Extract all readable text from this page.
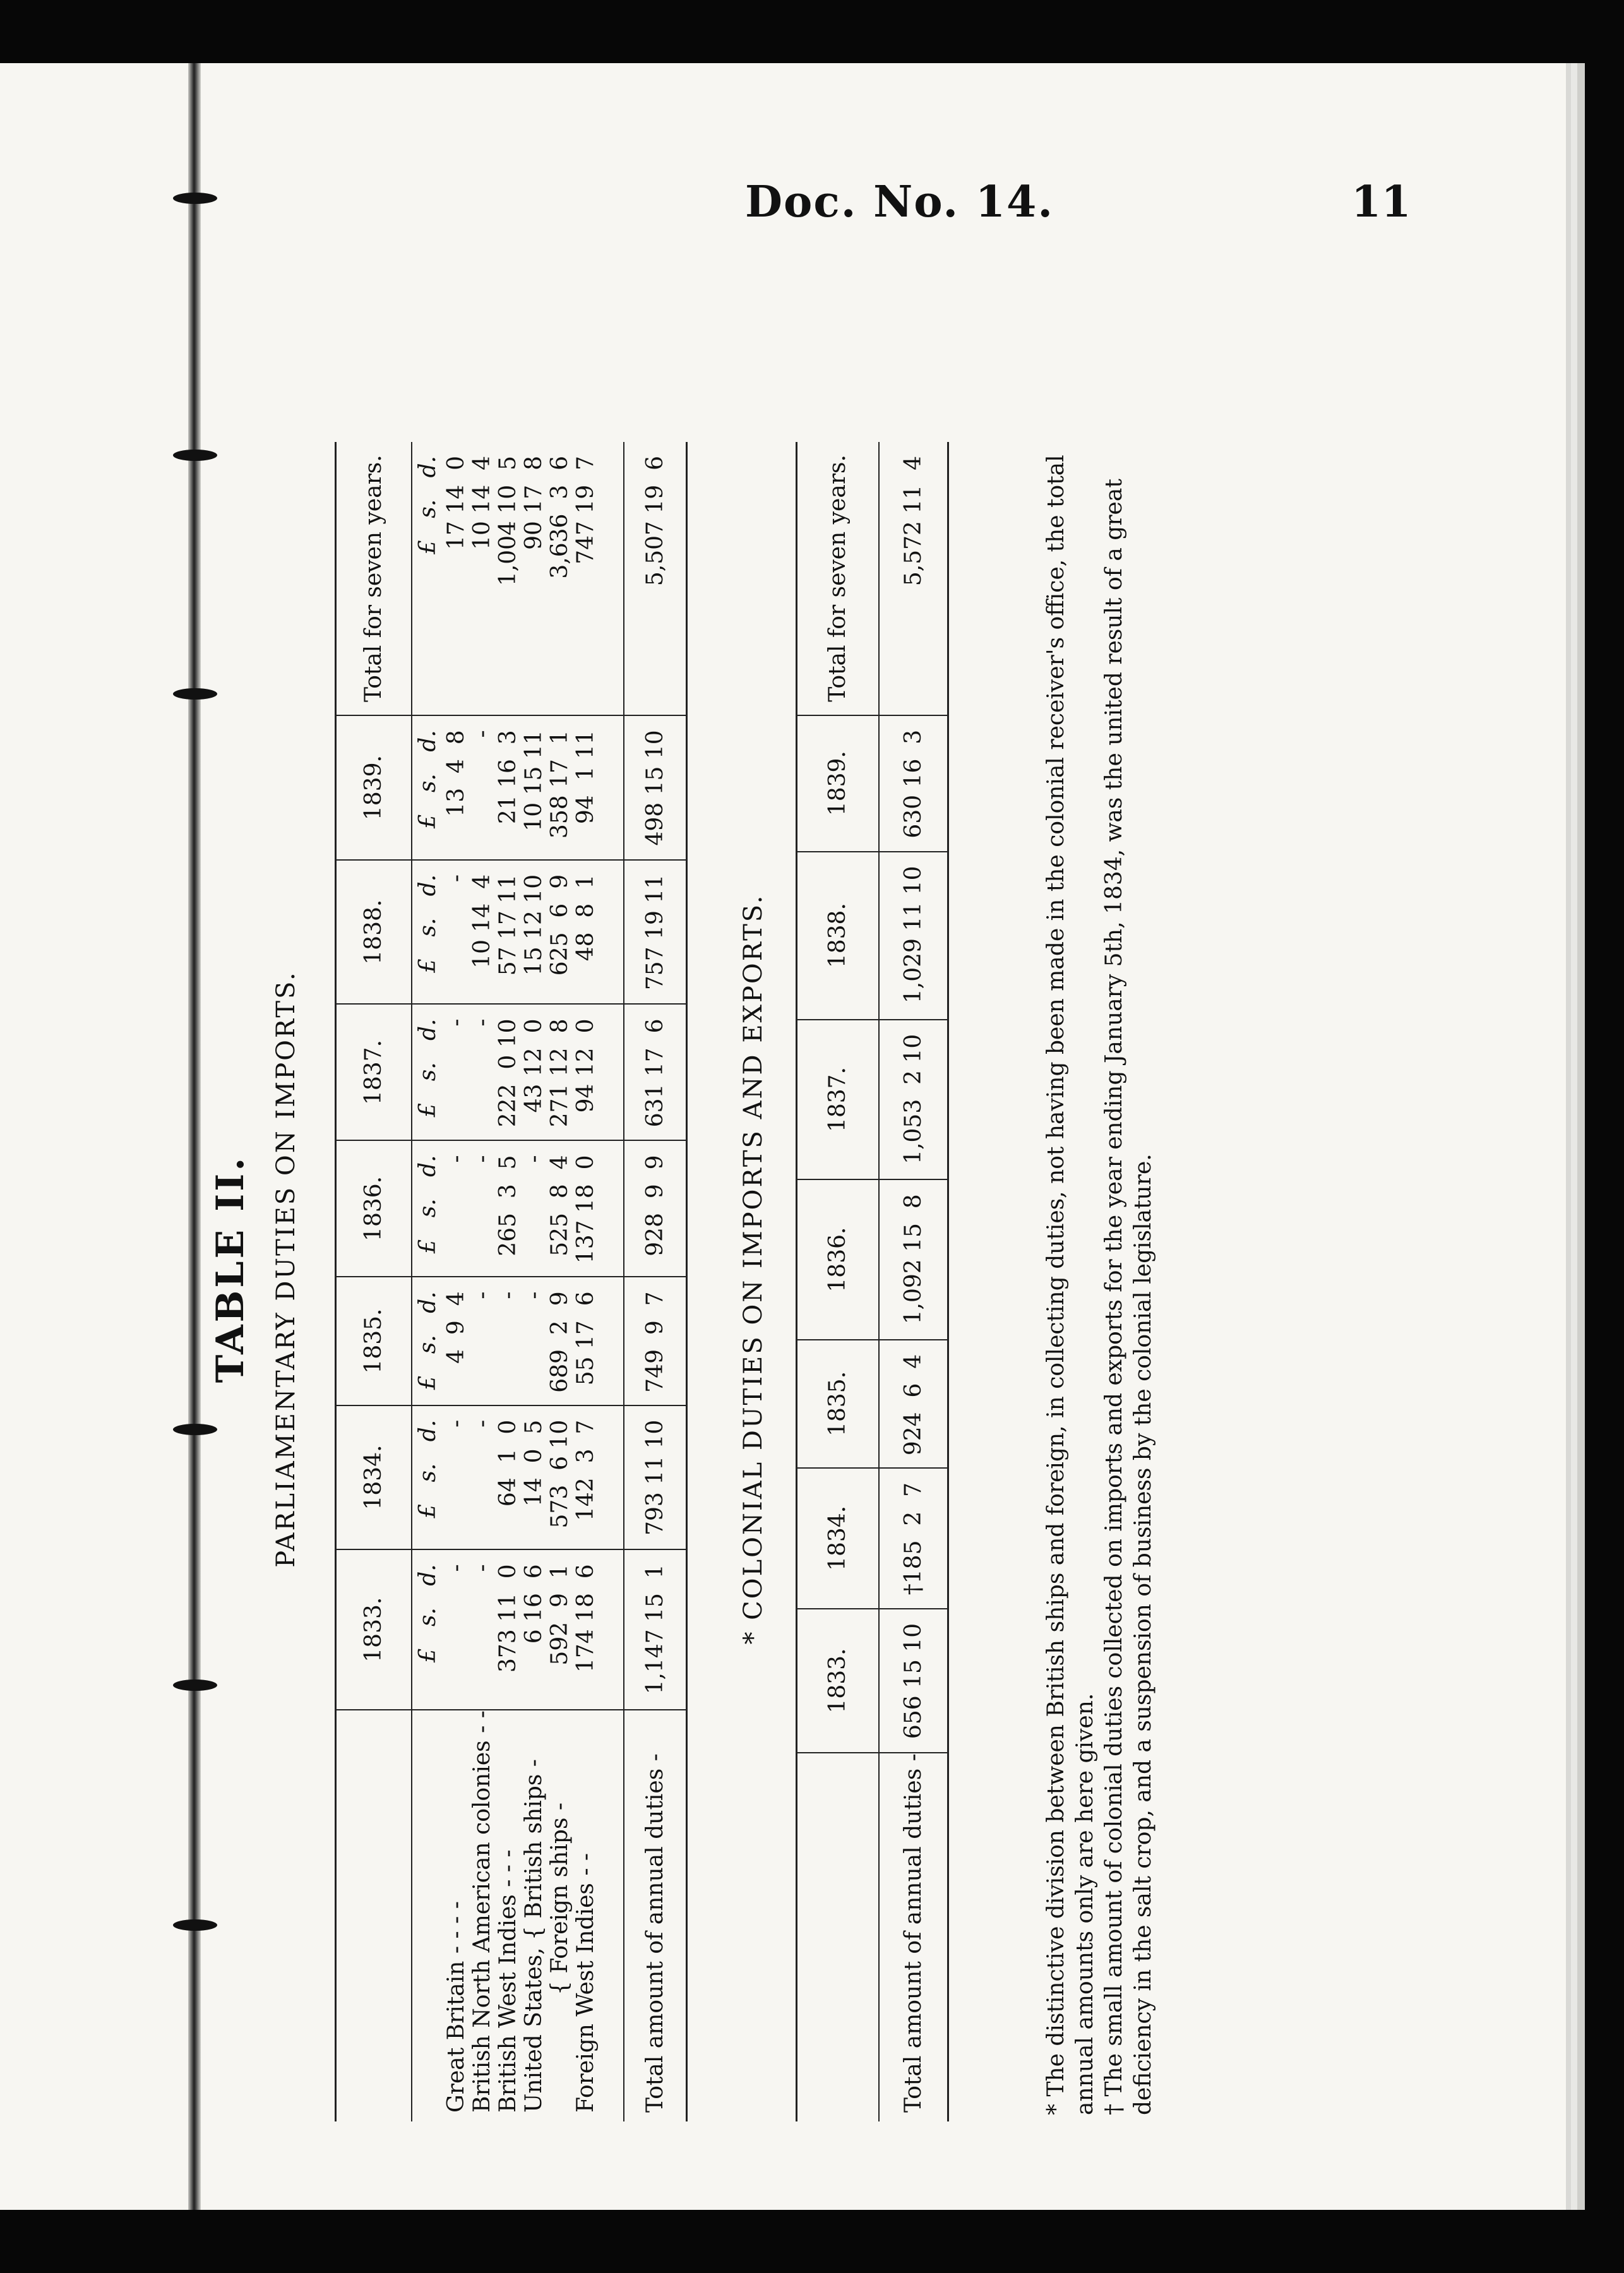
Doc. No. 14.	11
TABLE II. PARLIAMENTARY DUTIES ON IMPORTS.
	1833.	1834.	1835.	1836.	1837.	1838.	1839.	Total for seven years.
	£   s.   d.	£   s.   d.	£   s.   d.	£   s.   d.	£   s.   d.	£   s.   d.	£   s.   d.	£   s.   d.
Great Britain - - - -	-	-	4  9  4	-	-	-	13  4  8	17 14  0
British North American colonies - -	-	-	-	-	-	10 14  4	-	10 14  4
British West Indies - - -	373 11  0	64  1  0	-	265  3  5	222  0 10	57 17 11	21 16  3	1,004 10  5
United States, { British ships -	6 16  6	14  0  5	-	-	43 12  0	15 12 10	10 15 11	90 17  8
{ Foreign ships -	592  9  1	573  6 10	689  2  9	525  8  4	271 12  8	625  6  9	358 17  1	3,636  3  6
Foreign West Indies - -	174 18  6	142  3  7	55 17  6	137 18  0	94 12  0	48  8  1	94  1 11	747 19  7

Total amount of annual duties -	1,147 15  1	793 11 10	749  9  7	928  9  9	631 17  6	757 19 11	498 15 10	5,507 19  6
* COLONIAL DUTIES ON IMPORTS AND EXPORTS.
	1833.	1834.	1835.	1836.	1837.	1838.	1839.	Total for seven years.
Total amount of annual duties -	656 15 10	†185  2  7	924  6  4	1,092 15  8	1,053  2 10	1,029 11 10	630 16  3	5,572 11  4	* The distinctive division between British ships and foreign, in collecting duties, not having been made in the colonial receiver's office, the total annual amounts only are here given. † The small amount of colonial duties collected on imports and exports for the year ending January 5th, 1834, was the united result of a great deficiency in the salt crop, and a suspension of business by the colonial legislature.
